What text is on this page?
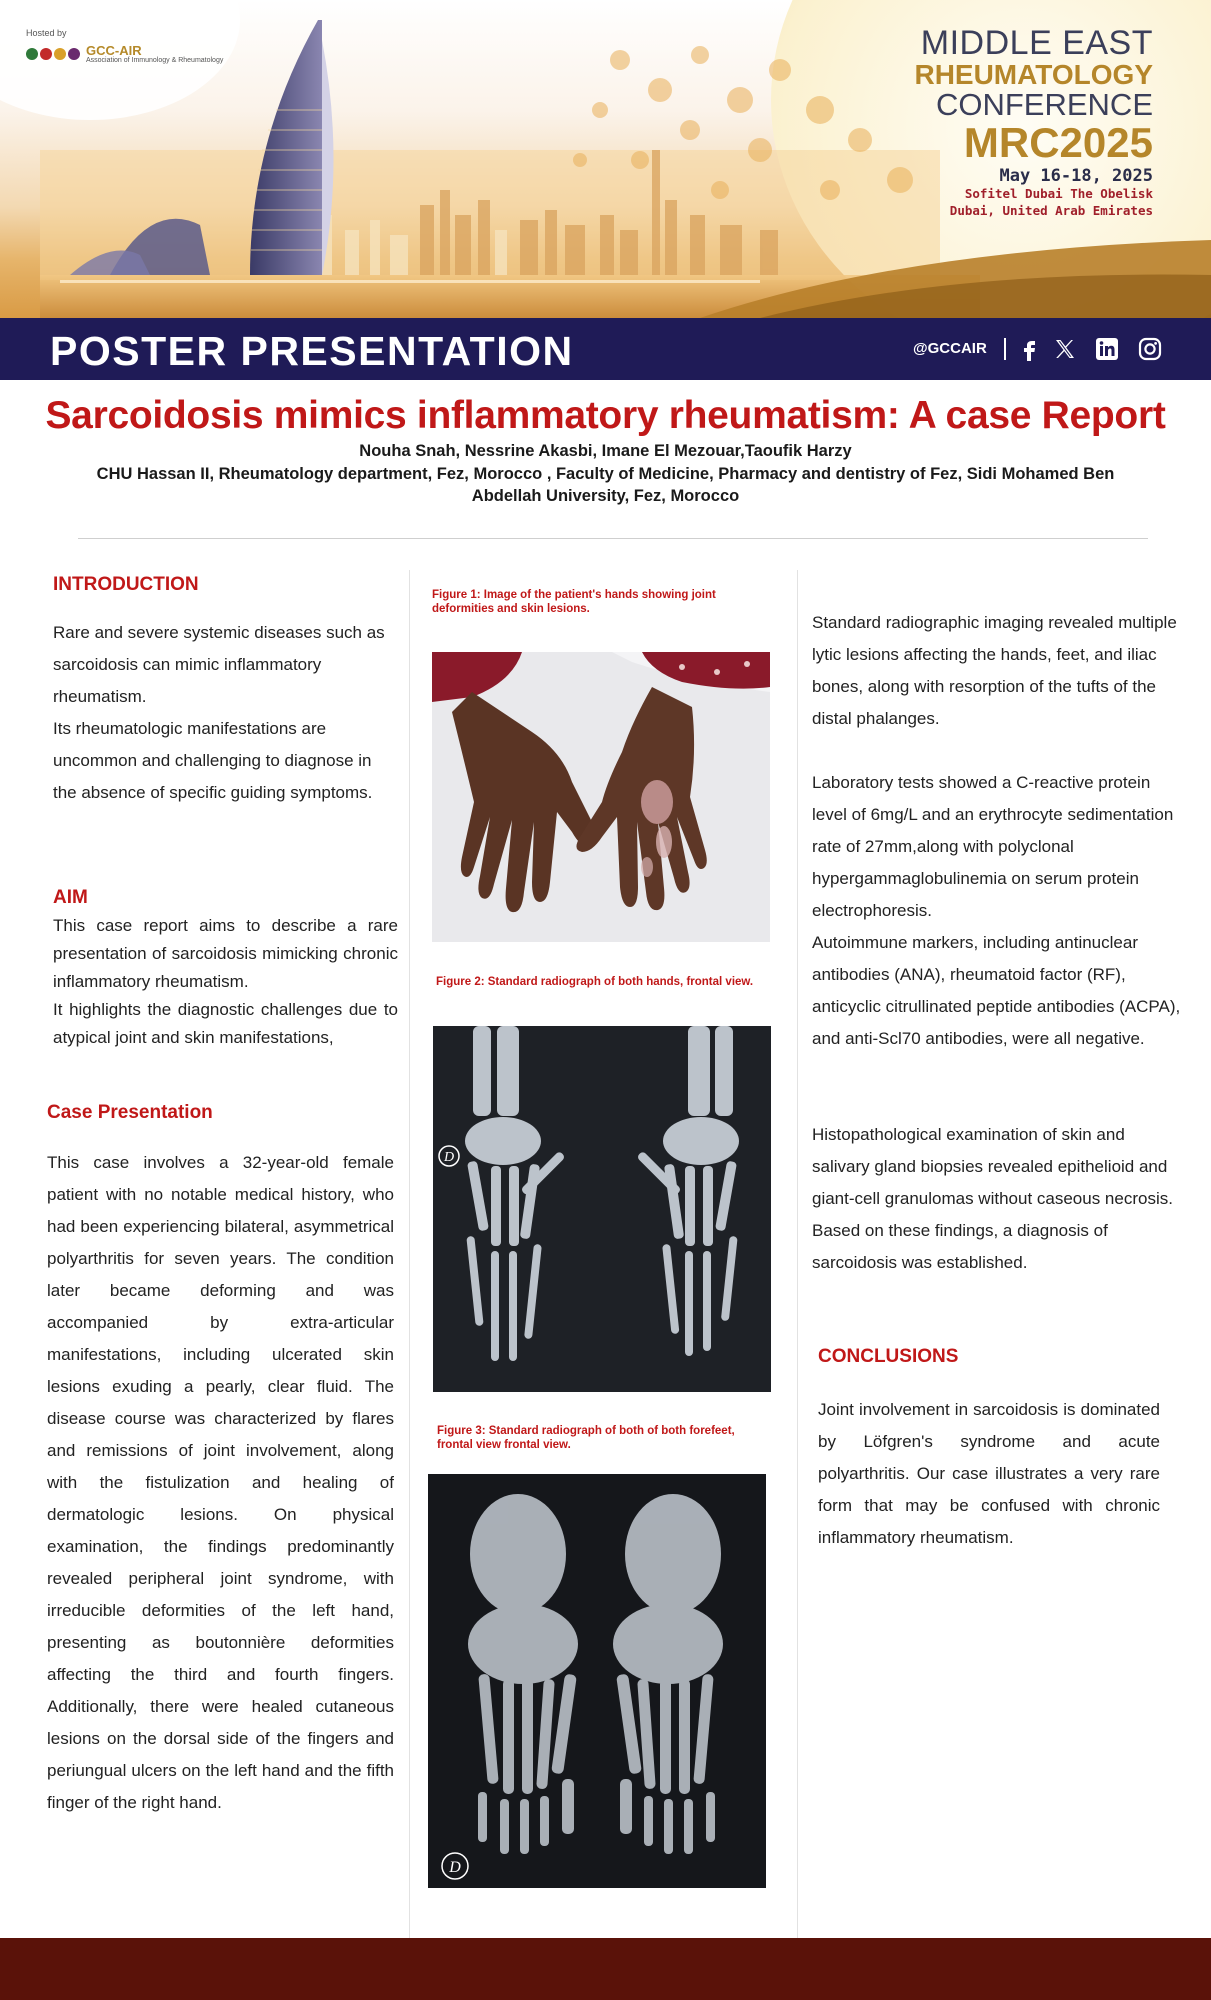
Hosted by
GCC-AIR
Association of Immunology & Rheumatology	MIDDLE EAST
RHEUMATOLOGY
CONFERENCE
MRC2025
May 16-18, 2025
Sofitel Dubai The Obelisk
Dubai, United Arab Emirates
POSTER PRESENTATION	@GCCAIR
Sarcoidosis mimics inflammatory rheumatism: A case Report
Nouha Snah, Nessrine Akasbi, Imane El Mezouar,Taoufik Harzy
CHU Hassan II, Rheumatology department, Fez, Morocco , Faculty of Medicine, Pharmacy and dentistry of Fez, Sidi Mohamed Ben Abdellah University, Fez, Morocco
INTRODUCTION
Rare and severe systemic diseases such as sarcoidosis can mimic inflammatory rheumatism.
Its rheumatologic manifestations are uncommon and challenging to diagnose in the absence of specific guiding symptoms.
AIM
This case report aims to describe a rare presentation of sarcoidosis mimicking chronic inflammatory rheumatism.
It highlights the diagnostic challenges due to atypical joint and skin manifestations,
Case Presentation
This case involves a 32-year-old female patient with no notable medical history, who had been experiencing bilateral, asymmetrical polyarthritis for seven years. The condition later became deforming and was accompanied by extra-articular manifestations, including ulcerated skin lesions exuding a pearly, clear fluid. The disease course was characterized by flares and remissions of joint involvement, along with the fistulization and healing of dermatologic lesions. On physical examination, the findings predominantly revealed peripheral joint syndrome, with irreducible deformities of the left hand, presenting as boutonnière deformities affecting the third and fourth fingers. Additionally, there were healed cutaneous lesions on the dorsal side of the fingers and periungual ulcers on the left hand and the fifth finger of the right hand.
Figure 1: Image of the patient's hands showing joint deformities and skin lesions.
Figure 2: Standard radiograph of both hands, frontal view.
D
Figure 3: Standard radiograph of both of both forefeet, frontal view frontal view.
D
Standard radiographic imaging revealed multiple lytic lesions affecting the hands, feet, and iliac bones, along with resorption of the tufts of the distal phalanges.
Laboratory tests showed a C-reactive protein level of 6mg/L and an erythrocyte sedimentation rate of 27mm,along with polyclonal hypergammaglobulinemia on serum protein electrophoresis.
Autoimmune markers, including antinuclear antibodies (ANA), rheumatoid factor (RF), anticyclic citrullinated peptide antibodies (ACPA), and anti-Scl70 antibodies, were all negative.
Histopathological examination of skin and salivary gland biopsies revealed epithelioid and giant-cell granulomas without caseous necrosis. Based on these findings, a diagnosis of sarcoidosis was established.
CONCLUSIONS
Joint involvement in sarcoidosis is dominated by Löfgren's syndrome and acute polyarthritis. Our case illustrates a very rare form that may be confused with chronic inflammatory rheumatism.
